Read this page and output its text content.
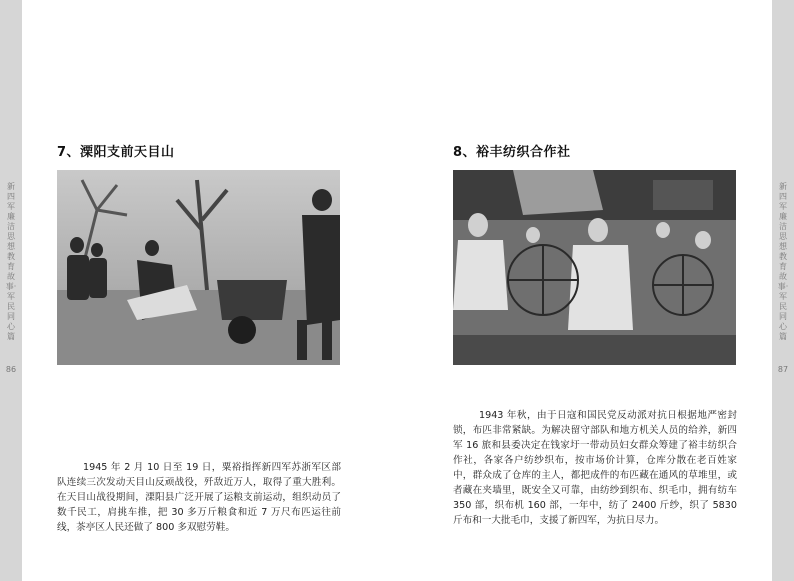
新四军廉洁思想教育故事·军民同心篇
新四军廉洁思想教育故事·军民同心篇
86	87
7、溧阳支前天目山
1945 年 2 月 10 日至 19 日，粟裕指挥新四军苏浙军区部队连续三次发动天目山反顽战役，歼敌近万人，取得了重大胜利。在天目山战役期间，溧阳县广泛开展了运粮支前运动，组织动员了数千民工，肩挑车推，把 30 多万斤粮食和近 7 万尺布匹运往前线，茶亭区人民还做了 800 多双慰劳鞋。
8、裕丰纺织合作社
1943 年秋，由于日寇和国民党反动派对抗日根据地严密封锁，布匹非常紧缺。为解决留守部队和地方机关人员的给养，新四军 16 旅和县委决定在钱家圩一带动员妇女群众筹建了裕丰纺织合作社，各家各户纺纱织布，按市场价计算，仓库分散在老百姓家中，群众成了仓库的主人，都把成件的布匹藏在通风的草堆里，或者藏在夹墙里，既安全又可靠，由纺纱到织布、织毛巾，拥有纺车 350 部，织布机 160 部，一年中，纺了 2400 斤纱，织了 5830 斤布和一大批毛巾，支援了新四军，为抗日尽力。
